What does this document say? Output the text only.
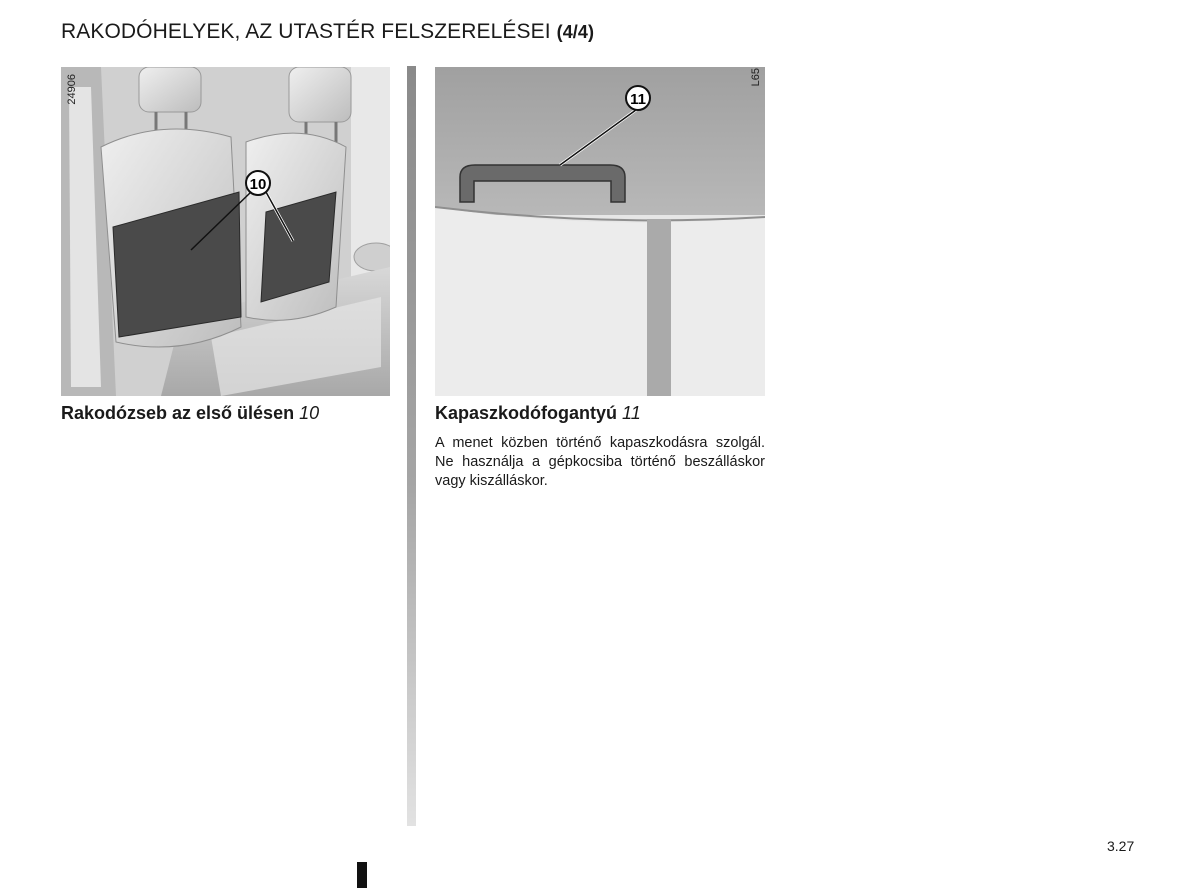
RAKODÓHELYEK, AZ UTASTÉR FELSZERELÉSEI (4/4)
10
24906	11
L65
Rakodózseb az első ülésen 10	Kapaszkodófogantyú 11
A menet közben történő kapaszkodásra szolgál. Ne használja a gépkocsiba történő beszálláskor vagy kiszálláskor.
3.27
